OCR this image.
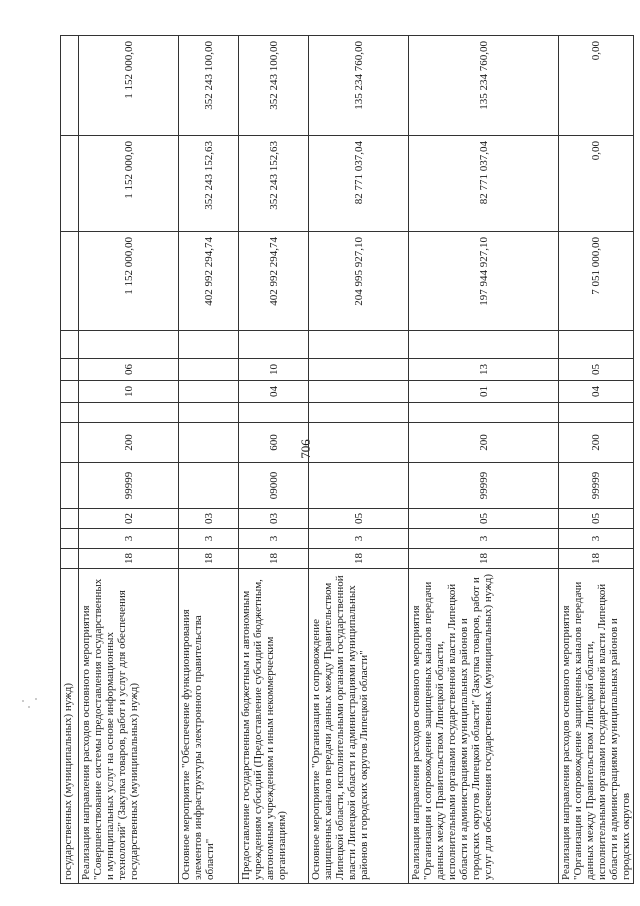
706
государственных (муниципальных) нужд)												
Реализация направления расходов основного мероприятия "Совершенствование системы предоставления государственных и муниципальных услуг на основе информационных технологий" (Закупка товаров, работ и услуг для обеспечения государственных (муниципальных) нужд)	18	3	02	99999	200		10	06		1 152 000,00	1 152 000,00	1 152 000,00
Основное мероприятие "Обеспечение функционирования элементов инфраструктуры электронного правительства области"	18	3	03							402 992 294,74	352 243 152,63	352 243 100,00
Предоставление государственным бюджетным и автономным учреждениям субсидий (Предоставление субсидий бюджетным, автономным учреждениям и иным некоммерческим организациям)	18	3	03	09000	600		04	10		402 992 294,74	352 243 152,63	352 243 100,00
Основное мероприятие "Организация и сопровождение защищенных каналов передачи данных между Правительством Липецкой области, исполнительными органами государственной власти Липецкой области и администрациями муниципальных районов и городских округов Липецкой области"	18	3	05							204 995 927,10	82 771 037,04	135 234 760,00
Реализация направления расходов основного мероприятия "Организация и сопровождение защищенных каналов передачи данных между Правительством Липецкой области, исполнительными органами государственной власти Липецкой области и администрациями муниципальных районов и городских округов Липецкой области" (Закупка товаров, работ и услуг для обеспечения государственных (муниципальных) нужд)	18	3	05	99999	200		01	13		197 944 927,10	82 771 037,04	135 234 760,00
Реализация направления расходов основного мероприятия "Организация и сопровождение защищенных каналов передачи данных между Правительством Липецкой области, исполнительными органами государственной власти Липецкой области и администрациями муниципальных районов и городских округов	18	3	05	99999	200		04	05		7 051 000,00	0,00	0,00
